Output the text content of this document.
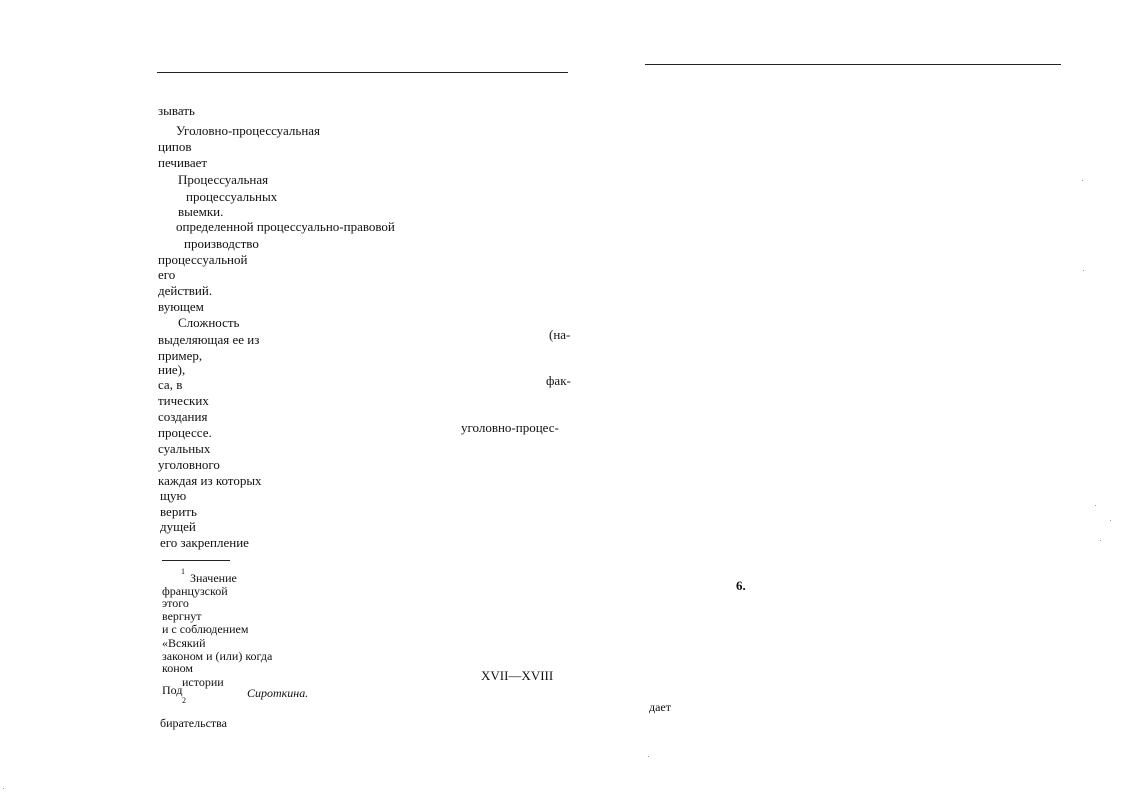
зывать
Уголовно-процессуальная
ципов
печивает
Процессуальная
процессуальных
выемки.
определенной процессуально-правовой
производство
процессуальной
его
действий.
вующем
Сложность
выделяющая ее из
пример,
ние),
са, в
тических
создания
процессе.
суальных
уголовного
каждая из которых
щую
верить
дущей
его закрепление
(на-
фак-
уголовно-процес-
1 Значение
французской
этого
вергнут
и с соблюдением
«Всякий
законом и (или) когда
коном
истории
Под
2
Сироткина.
XVII—XVIII
бирательства
6.
дает
